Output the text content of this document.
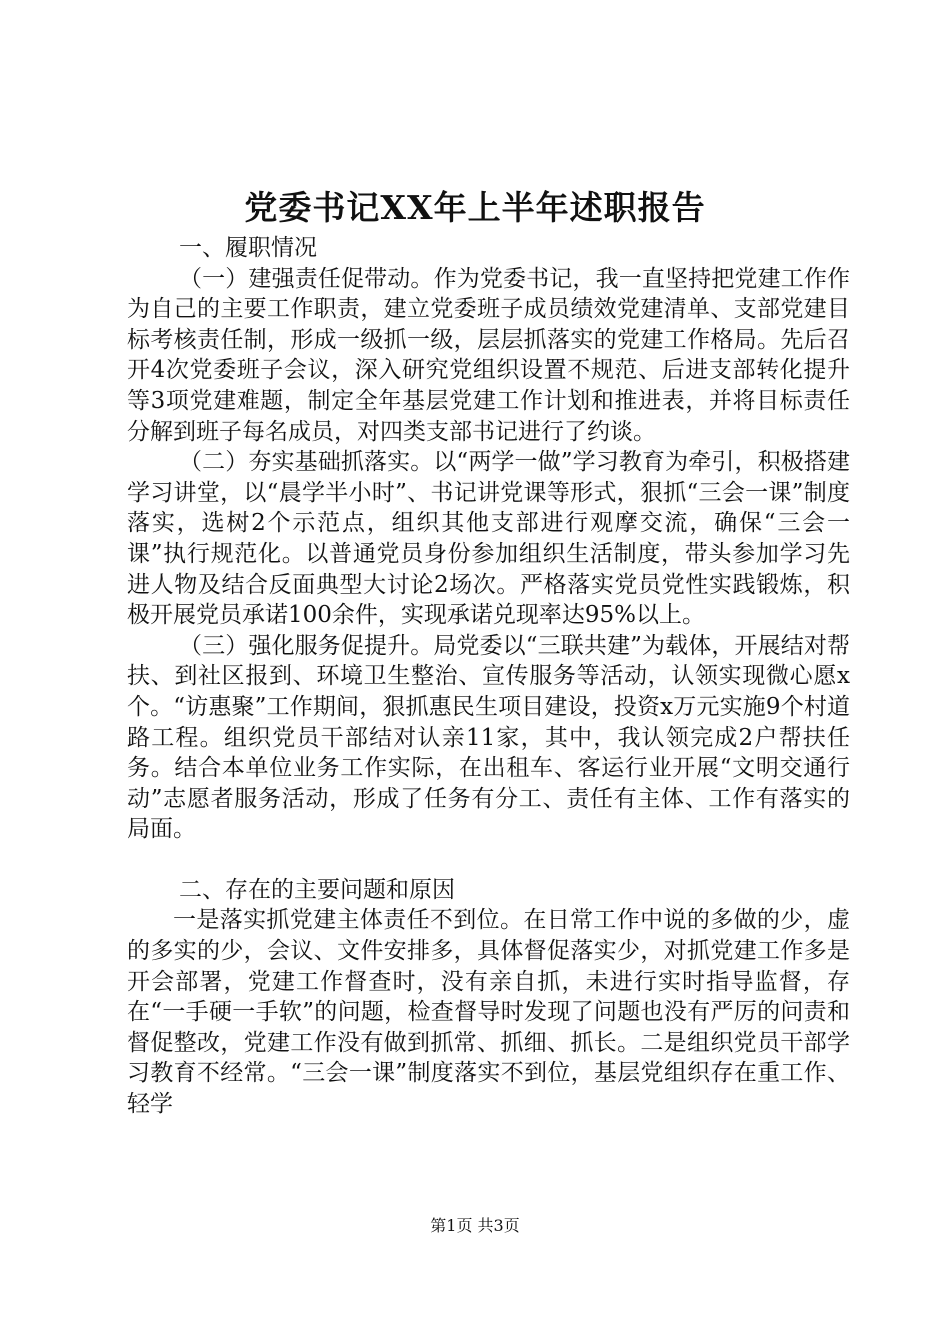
党委书记XX年上半年述职报告

一、履职情况

（一）建强责任促带动。作为党委书记，我一直坚持把党建工作作为自己的主要工作职责，建立党委班子成员绩效党建清单、支部党建目标考核责任制，形成一级抓一级，层层抓落实的党建工作格局。先后召开4次党委班子会议，深入研究党组织设置不规范、后进支部转化提升等3项党建难题，制定全年基层党建工作计划和推进表，并将目标责任分解到班子每名成员，对四类支部书记进行了约谈。

（二）夯实基础抓落实。以“两学一做”学习教育为牵引，积极搭建学习讲堂，以“晨学半小时”、书记讲党课等形式，狠抓“三会一课”制度落实，选树2个示范点，组织其他支部进行观摩交流，确保“三会一课”执行规范化。以普通党员身份参加组织生活制度，带头参加学习先进人物及结合反面典型大讨论2场次。严格落实党员党性实践锻炼，积极开展党员承诺100余件，实现承诺兑现率达95%以上。

（三）强化服务促提升。局党委以“三联共建”为载体，开展结对帮扶、到社区报到、环境卫生整治、宣传服务等活动，认领实现微心愿x个。“访惠聚”工作期间，狠抓惠民生项目建设，投资x万元实施9个村道路工程。组织党员干部结对认亲11家，其中，我认领完成2户帮扶任务。结合本单位业务工作实际，在出租车、客运行业开展“文明交通行动”志愿者服务活动，形成了任务有分工、责任有主体、工作有落实的局面。

二、存在的主要问题和原因

一是落实抓党建主体责任不到位。在日常工作中说的多做的少，虚的多实的少，会议、文件安排多，具体督促落实少，对抓党建工作多是开会部署，党建工作督查时，没有亲自抓，未进行实时指导监督，存在“一手硬一手软”的问题，检查督导时发现了问题也没有严厉的问责和督促整改，党建工作没有做到抓常、抓细、抓长。二是组织党员干部学习教育不经常。“三会一课”制度落实不到位，基层党组织存在重工作、轻学

第1页 共3页
